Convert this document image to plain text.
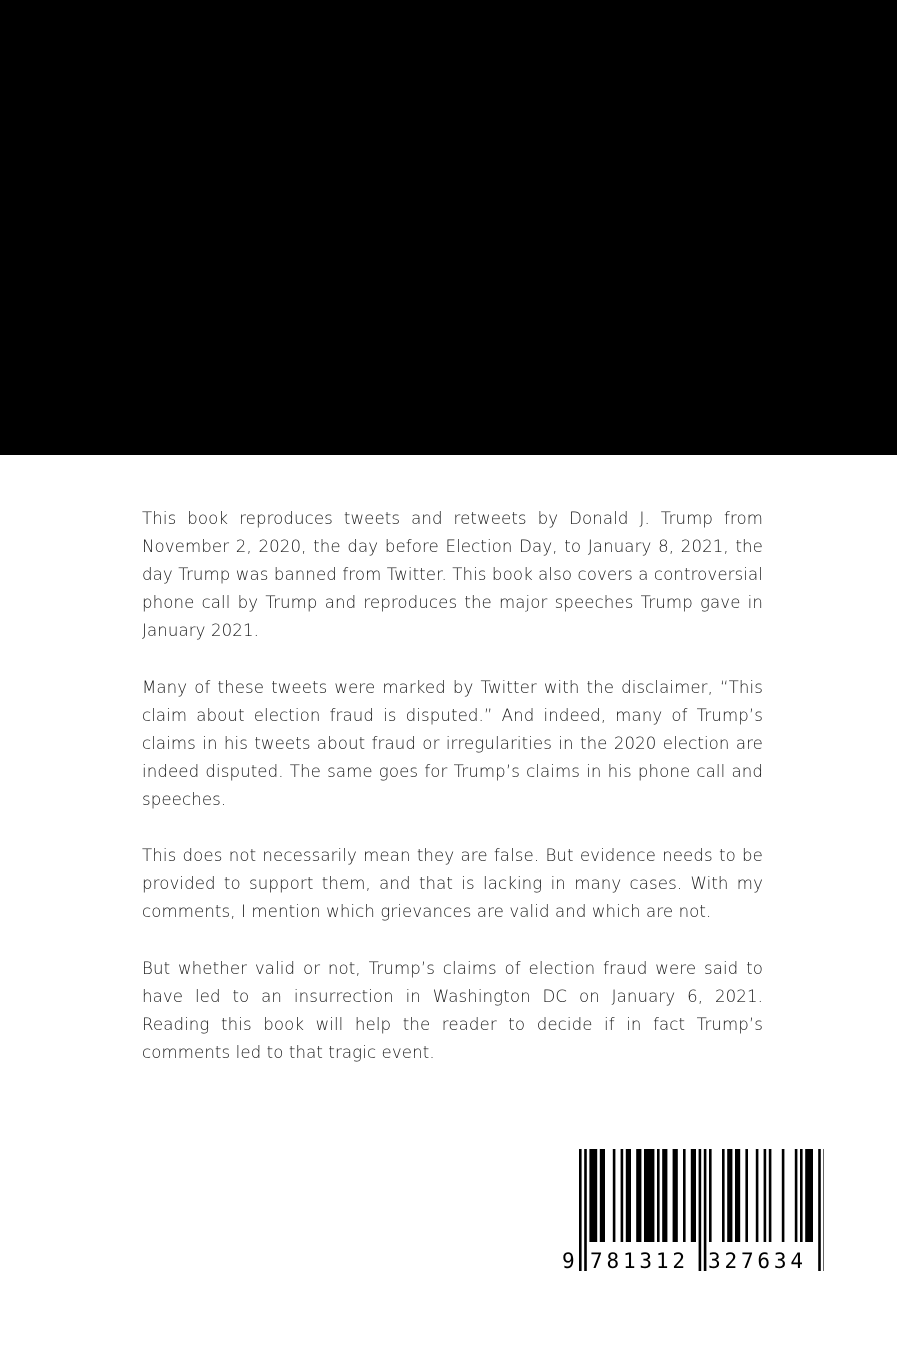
This book reproduces tweets and retweets by Donald J. Trump from November 2, 2020, the day before Election Day, to January 8, 2021, the day Trump was banned from Twitter. This book also covers a controversial phone call by Trump and reproduces the major speeches Trump gave in January 2021.

Many of these tweets were marked by Twitter with the disclaimer, “This claim about election fraud is disputed.” And indeed, many of Trump’s claims in his tweets about fraud or irregularities in the 2020 election are indeed disputed. The same goes for Trump’s claims in his phone call and speeches.

This does not necessarily mean they are false. But evidence needs to be provided to support them, and that is lacking in many cases. With my comments, I mention which grievances are valid and which are not.

But whether valid or not, Trump’s claims of election fraud were said to have led to an insurrection in Washington DC on January 6, 2021. Reading this book will help the reader to decide if in fact Trump’s comments led to that tragic event.

9 781312 327634
